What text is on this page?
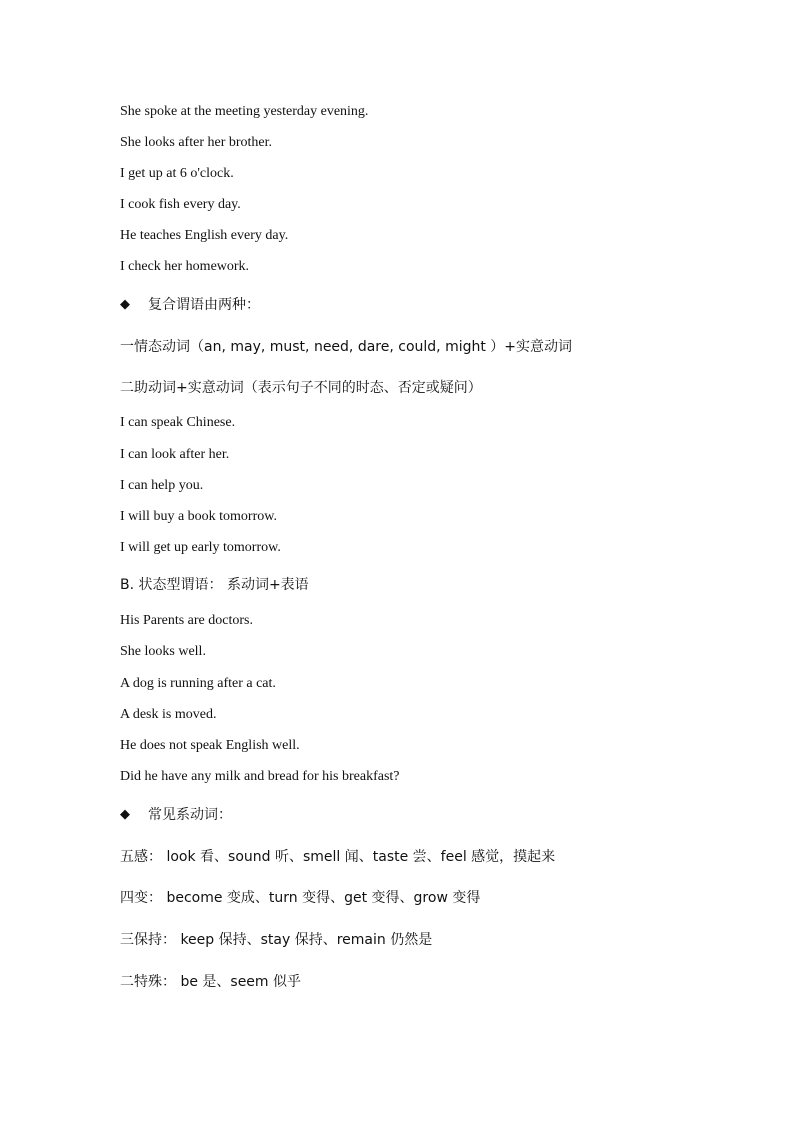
She spoke at the meeting yesterday evening.
She looks after her brother.
I get up at 6 o'clock.
I cook fish every day.
He teaches English every day.
I check her homework.
◆ 复合谓语由两种：
一情态动词（an, may, must, need, dare, could, might ）+实意动词
二助动词+实意动词（表示句子不同的时态、否定或疑问）
I can speak Chinese.
I can look after her.
I can help you.
I will buy a book tomorrow.
I will get up early tomorrow.
B. 状态型谓语： 系动词+表语
His Parents are doctors.
She looks well.
A dog is running after a cat.
A desk is moved.
He does not speak English well.
Did he have any milk and bread for his breakfast?
◆ 常见系动词：
五感： look 看、sound 听、smell 闻、taste 尝、feel 感觉，摸起来
四变： become 变成、turn 变得、get 变得、grow 变得
三保持： keep 保持、stay 保持、remain 仍然是
二特殊： be 是、seem 似乎
